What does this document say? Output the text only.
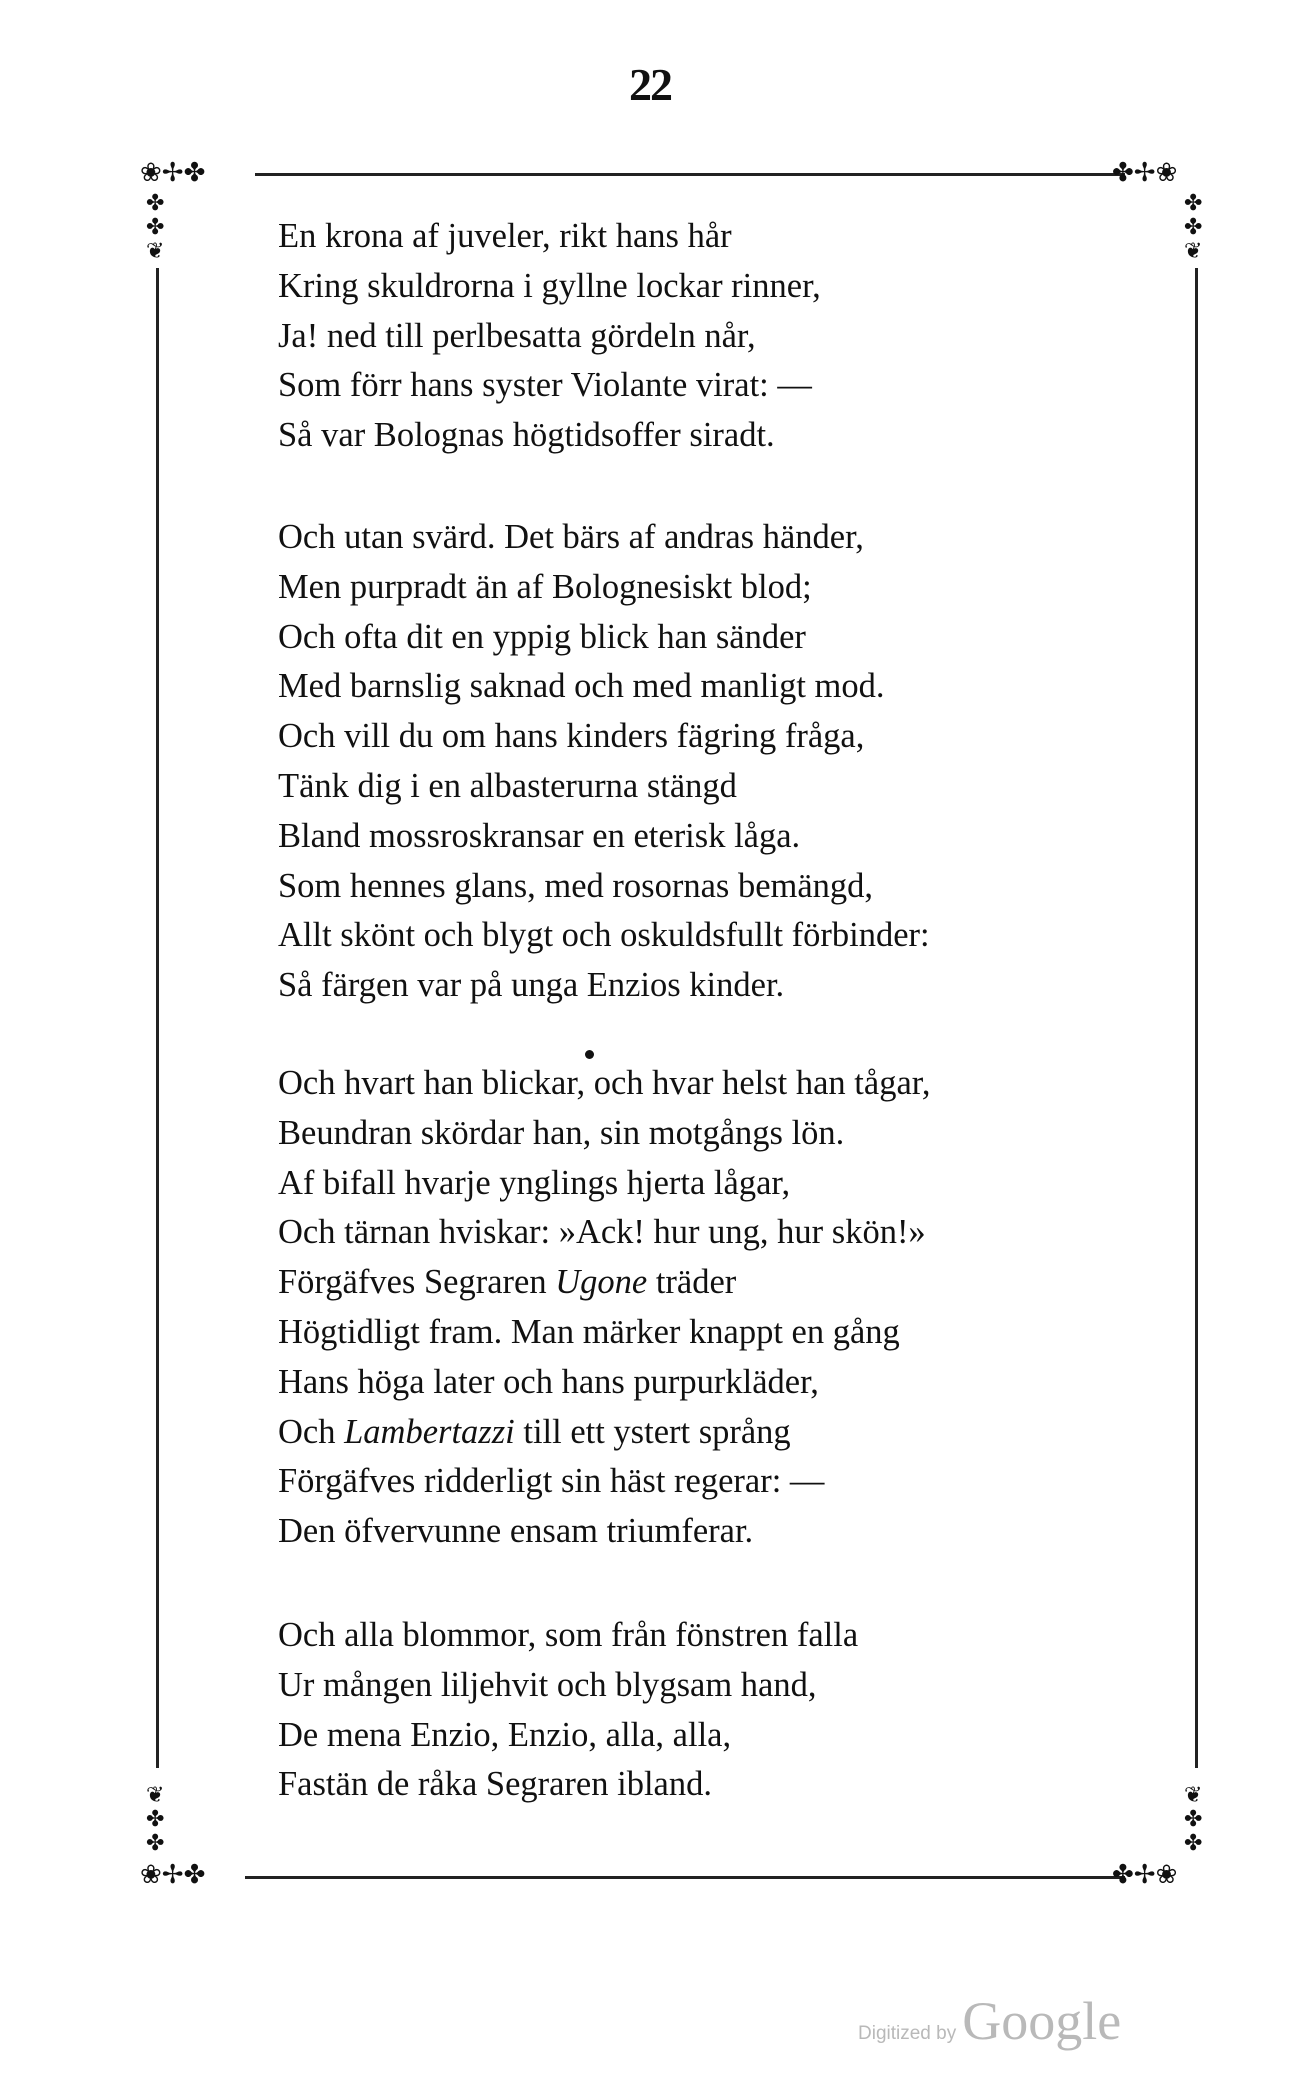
22
❀✢✤	✤✢❀
❀✢✤	✤✢❀
✤
✤
❦
✤
✤
❦
❦
✤
✤
❦
✤
✤
En krona af juveler, rikt hans hår
Kring skuldrorna i gyllne lockar rinner,
Ja! ned till perlbesatta gördeln når,
Som förr hans syster Violante virat: —
Så var Bolognas högtidsoffer siradt.
Och utan svärd. Det bärs af andras händer,
Men purpradt än af Bolognesiskt blod;
Och ofta dit en yppig blick han sänder
Med barnslig saknad och med manligt mod.
Och vill du om hans kinders fägring fråga,
Tänk dig i en albasterurna stängd
Bland mossroskransar en eterisk låga.
Som hennes glans, med rosornas bemängd,
Allt skönt och blygt och oskuldsfullt förbinder:
Så färgen var på unga Enzios kinder.
Och hvart han blickar, och hvar helst han tågar,
Beundran skördar han, sin motgångs lön.
Af bifall hvarje ynglings hjerta lågar,
Och tärnan hviskar: »Ack! hur ung, hur skön!»
Förgäfves Segraren Ugone träder
Högtidligt fram. Man märker knappt en gång
Hans höga later och hans purpurkläder,
Och Lambertazzi till ett ystert språng
Förgäfves ridderligt sin häst regerar: —
Den öfvervunne ensam triumferar.
Och alla blommor, som från fönstren falla
Ur mången liljehvit och blygsam hand,
De mena Enzio, Enzio, alla, alla,
Fastän de råka Segraren ibland.
Digitized by Google
